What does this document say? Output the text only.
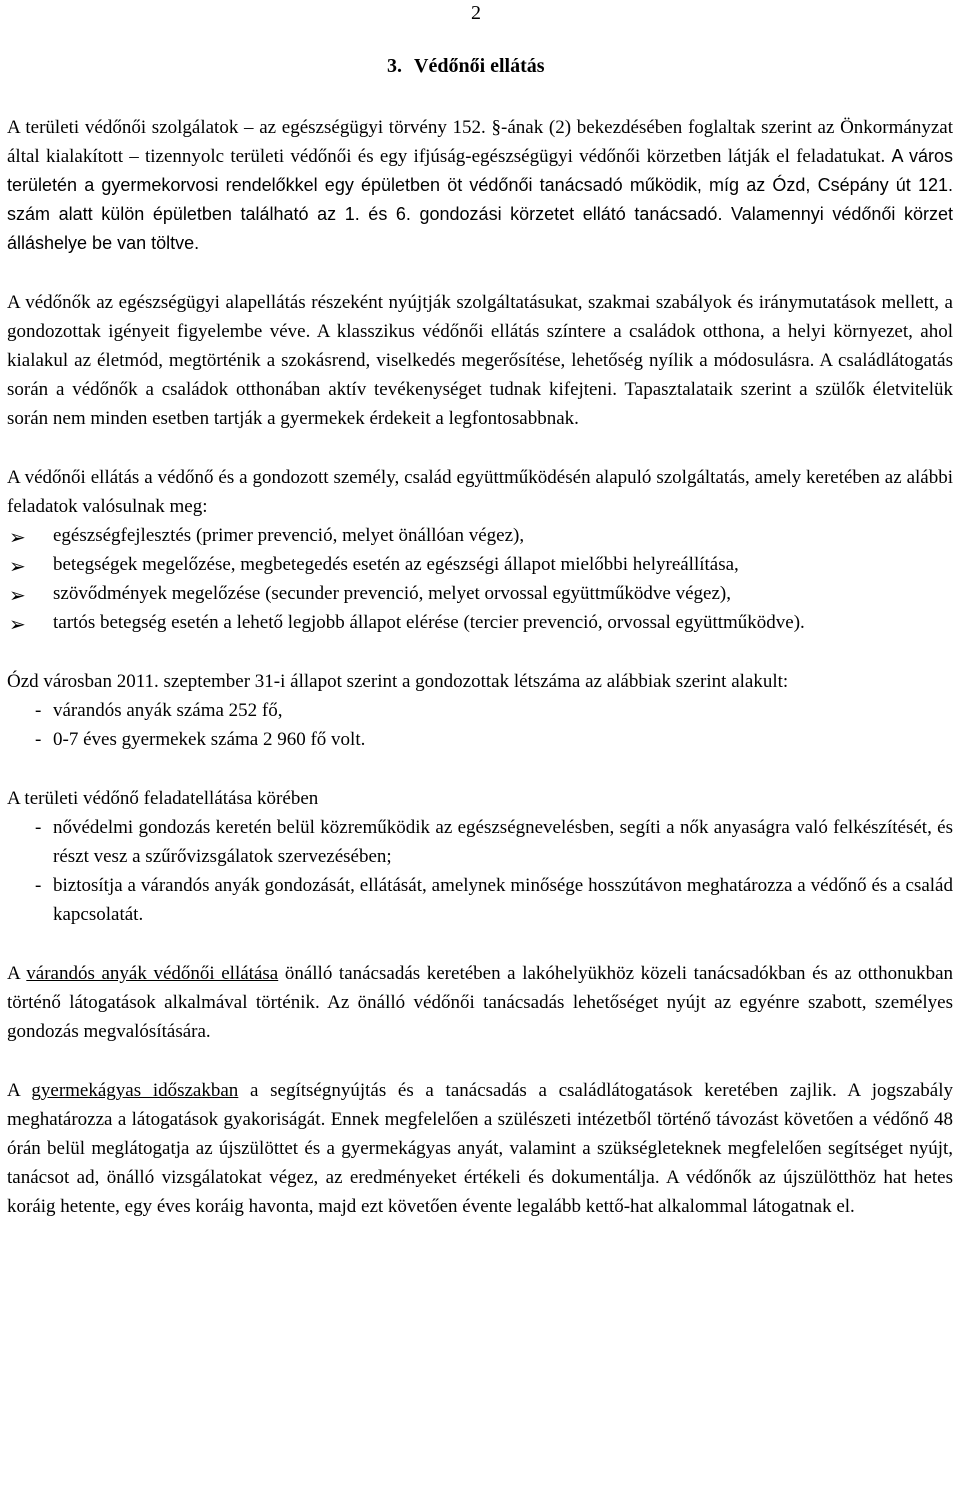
2
3. Védőnői ellátás

A területi védőnői szolgálatok – az egészségügyi törvény 152. §-ának (2) bekezdésében foglaltak szerint az Önkormányzat által kialakított – tizennyolc területi védőnői és egy ifjúság-egészségügyi védőnői körzetben látják el feladatukat. A város területén a gyermekorvosi rendelőkkel egy épületben öt védőnői tanácsadó működik, míg az Ózd, Csépány út 121. szám alatt külön épületben található az 1. és 6. gondozási körzetet ellátó tanácsadó. Valamennyi védőnői körzet álláshelye be van töltve.

A védőnők az egészségügyi alapellátás részeként nyújtják szolgáltatásukat, szakmai szabályok és iránymutatások mellett, a gondozottak igényeit figyelembe véve. A klasszikus védőnői ellátás színtere a családok otthona, a helyi környezet, ahol kialakul az életmód, megtörténik a szokásrend, viselkedés megerősítése, lehetőség nyílik a módosulásra. A családlátogatás során a védőnők a családok otthonában aktív tevékenységet tudnak kifejteni. Tapasztalataik szerint a szülők életvitelük során nem minden esetben tartják a gyermekek érdekeit a legfontosabbnak.

A védőnői ellátás a védőnő és a gondozott személy, család együttműködésén alapuló szolgáltatás, amely keretében az alábbi feladatok valósulnak meg:

➢ egészségfejlesztés (primer prevenció, melyet önállóan végez),
➢ betegségek megelőzése, megbetegedés esetén az egészségi állapot mielőbbi helyreállítása,
➢ szövődmények megelőzése (secunder prevenció, melyet orvossal együttműködve végez),
➢ tartós betegség esetén a lehető legjobb állapot elérése (tercier prevenció, orvossal együttműködve).

Ózd városban 2011. szeptember 31-i állapot szerint a gondozottak létszáma az alábbiak szerint alakult:

- várandós anyák száma 252 fő,
- 0-7 éves gyermekek száma 2 960 fő volt.

A területi védőnő feladatellátása körében

- nővédelmi gondozás keretén belül közreműködik az egészségnevelésben, segíti a nők anyaságra való felkészítését, és részt vesz a szűrővizsgálatok szervezésében;
- biztosítja a várandós anyák gondozását, ellátását, amelynek minősége hosszútávon meghatározza a védőnő és a család kapcsolatát.

A várandós anyák védőnői ellátása önálló tanácsadás keretében a lakóhelyükhöz közeli tanácsadókban és az otthonukban történő látogatások alkalmával történik. Az önálló védőnői tanácsadás lehetőséget nyújt az egyénre szabott, személyes gondozás megvalósítására.

A gyermekágyas időszakban a segítségnyújtás és a tanácsadás a családlátogatások keretében zajlik. A jogszabály meghatározza a látogatások gyakoriságát. Ennek megfelelően a szülészeti intézetből történő távozást követően a védőnő 48 órán belül meglátogatja az újszülöttet és a gyermekágyas anyát, valamint a szükségleteknek megfelelően segítséget nyújt, tanácsot ad, önálló vizsgálatokat végez, az eredményeket értékeli és dokumentálja. A védőnők az újszülötthöz hat hetes koráig hetente, egy éves koráig havonta, majd ezt követően évente legalább kettő-hat alkalommal látogatnak el.
